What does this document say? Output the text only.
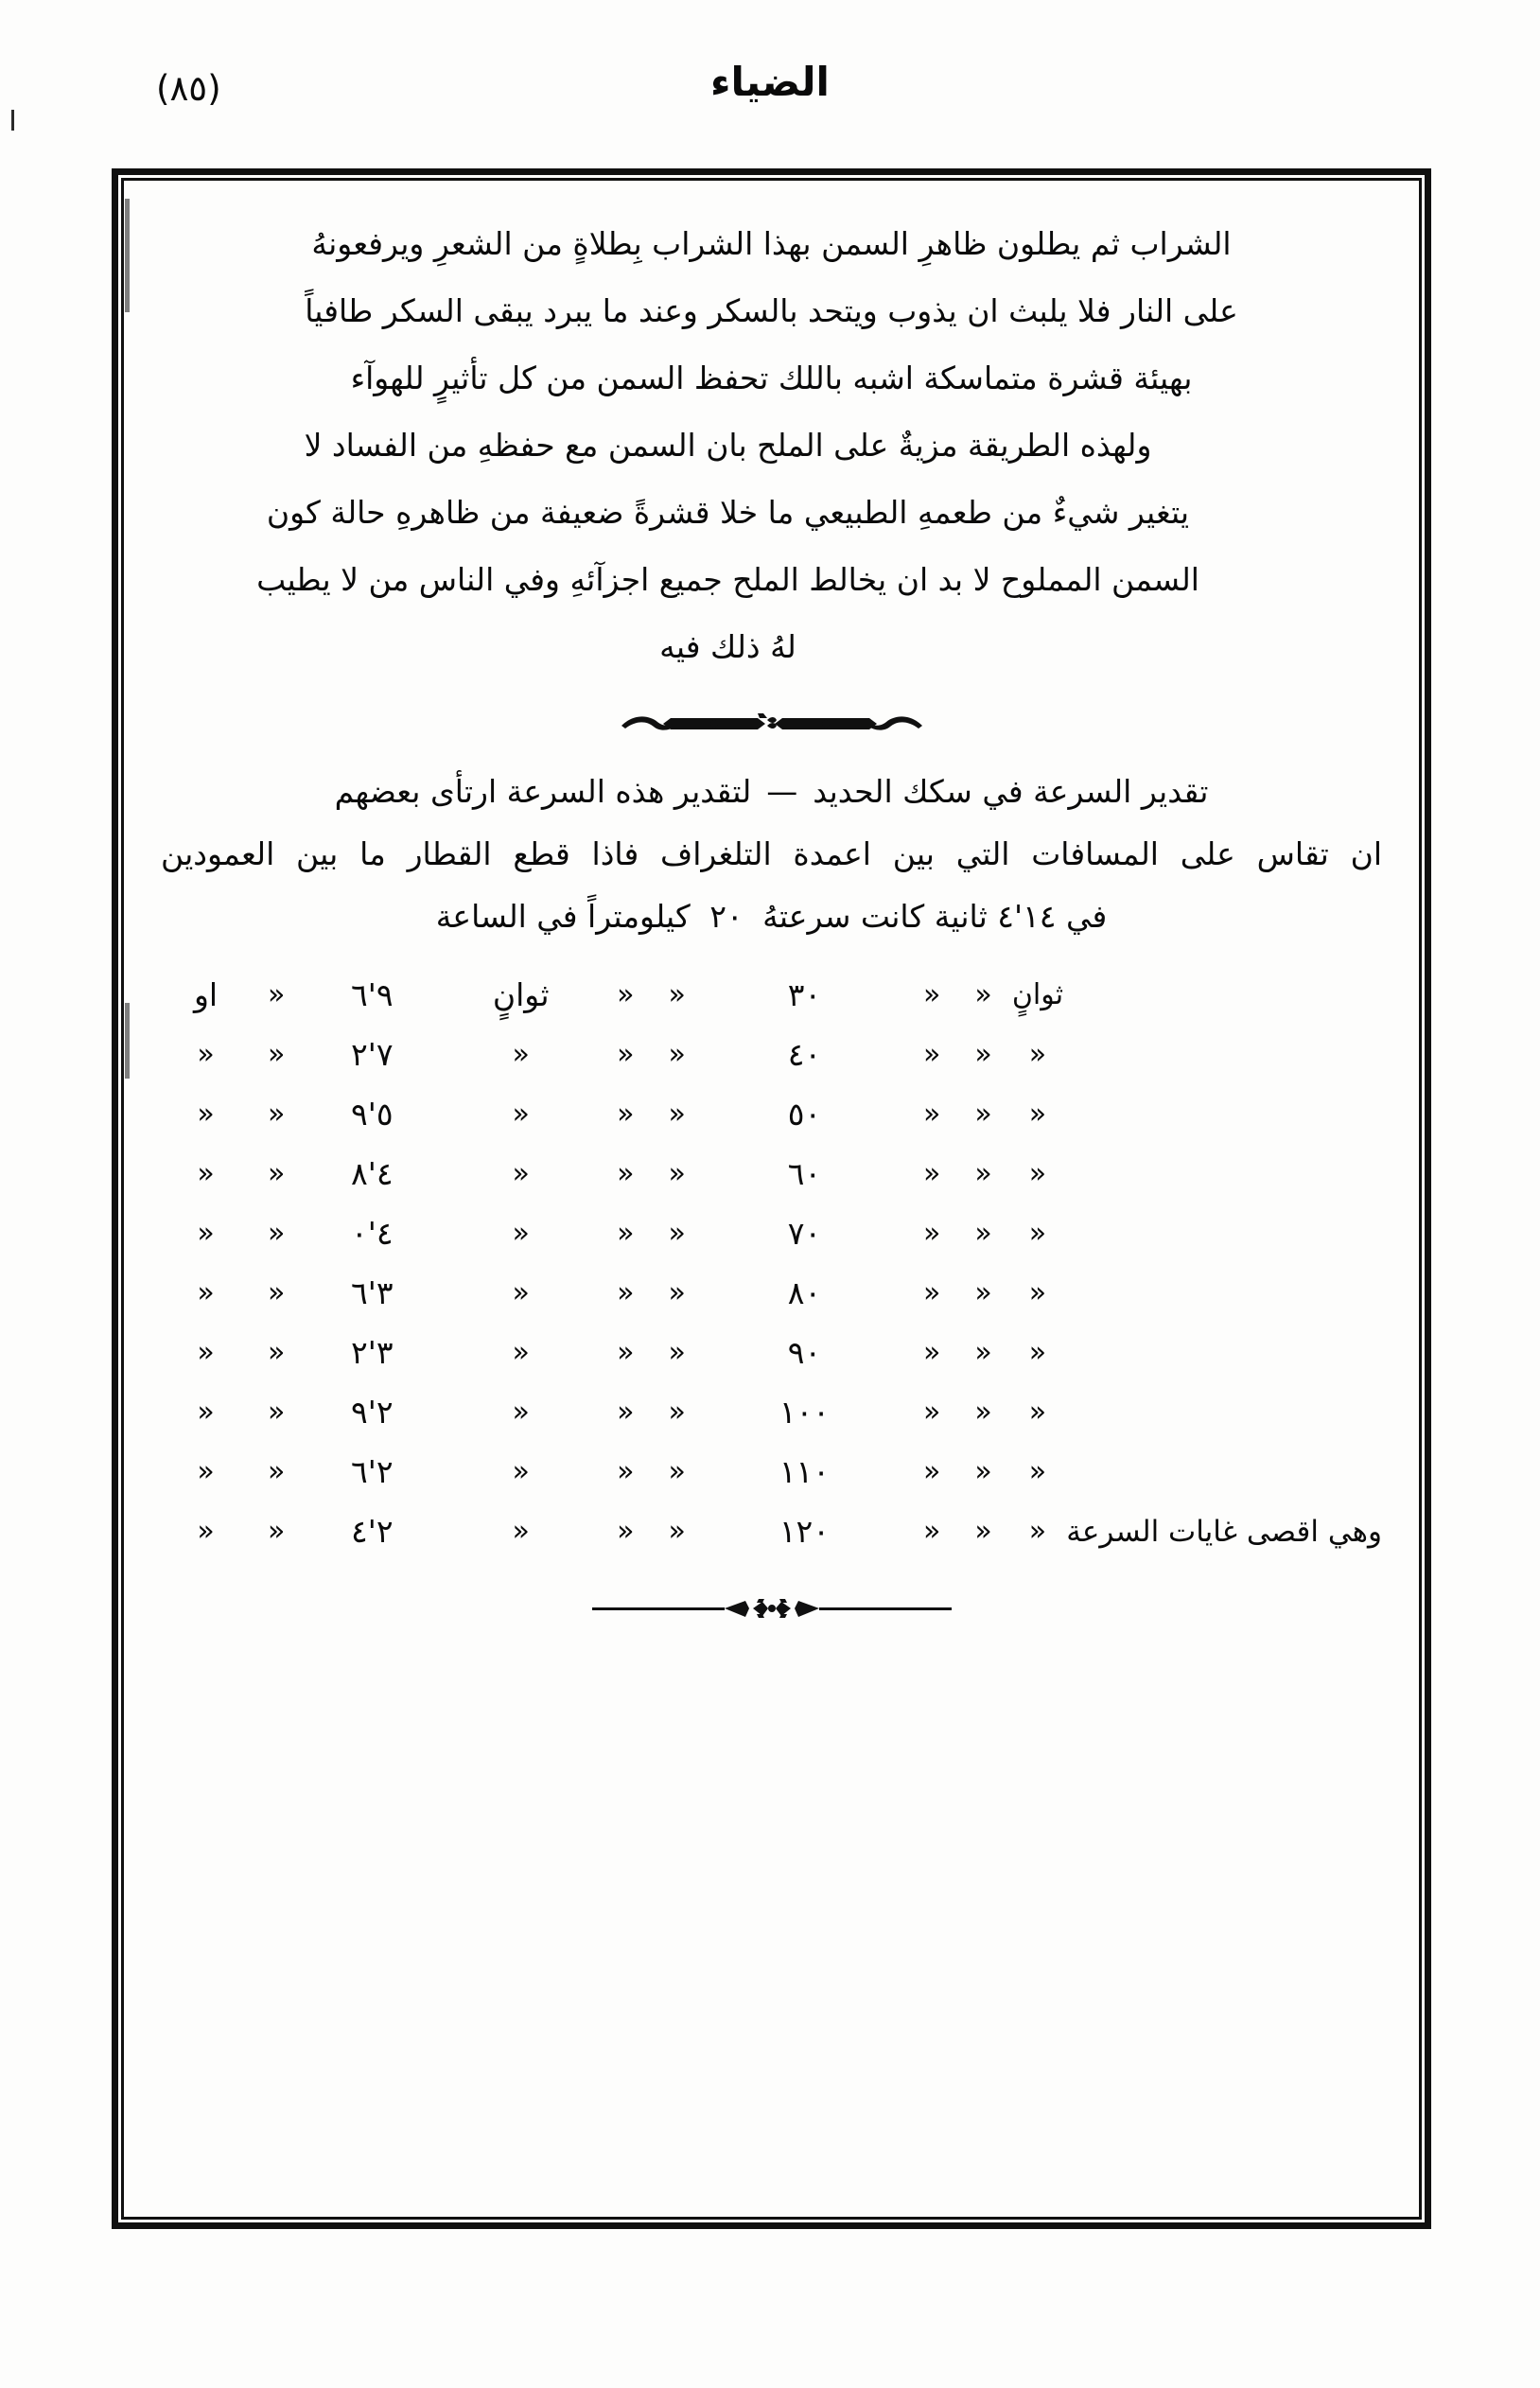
(٨٥)	الضياء
الشراب ثم يطلون ظاهرِ السمن بهذا الشراب بِطلاةٍ من الشعرِ ويرفعونهُ
على النار فلا يلبث ان يذوب ويتحد بالسكر وعند ما يبرد يبقى السكر طافياً
بهيئة قشرة متماسكة اشبه باللك تحفظ السمن من كل تأثيرٍ للهوآء
ولهذه الطريقة مزيةٌ على الملح بان السمن مع حفظهِ من الفساد لا
يتغير شيءٌ من طعمهِ الطبيعي ما خلا قشرةً ضعيفة من ظاهرهِ حالة كون
السمن المملوح لا بد ان يخالط الملح جميع اجزآئهِ وفي الناس من لا يطيب
لهُ ذلك فيه
تقدير السرعة في سكك الحديد—لتقدير هذه السرعة ارتأى بعضهم
ان تقاس على المسافات التي بين اعمدة التلغراف فاذا قطع القطار ما بين العمودين
في ١٤'٤ ثانية كانت سرعتهُ ٢٠ كيلومتراً في الساعة
	ثوانٍ	«	«	٣٠	«	«	ثوانٍ	٩'٦	«	او
	«	«	«	٤٠	«	«	«	٧'٢	«	«
	«	«	«	٥٠	«	«	«	٥'٩	«	«
	«	«	«	٦٠	«	«	«	٤'٨	«	«
	«	«	«	٧٠	«	«	«	٤'٠	«	«
	«	«	«	٨٠	«	«	«	٣'٦	«	«
	«	«	«	٩٠	«	«	«	٣'٢	«	«
	«	«	«	١٠٠	«	«	«	٢'٩	«	«
	«	«	«	١١٠	«	«	«	٢'٦	«	«
وهي اقصى غايات السرعة	«	«	«	١٢٠	«	«	«	٢'٤	«	«
